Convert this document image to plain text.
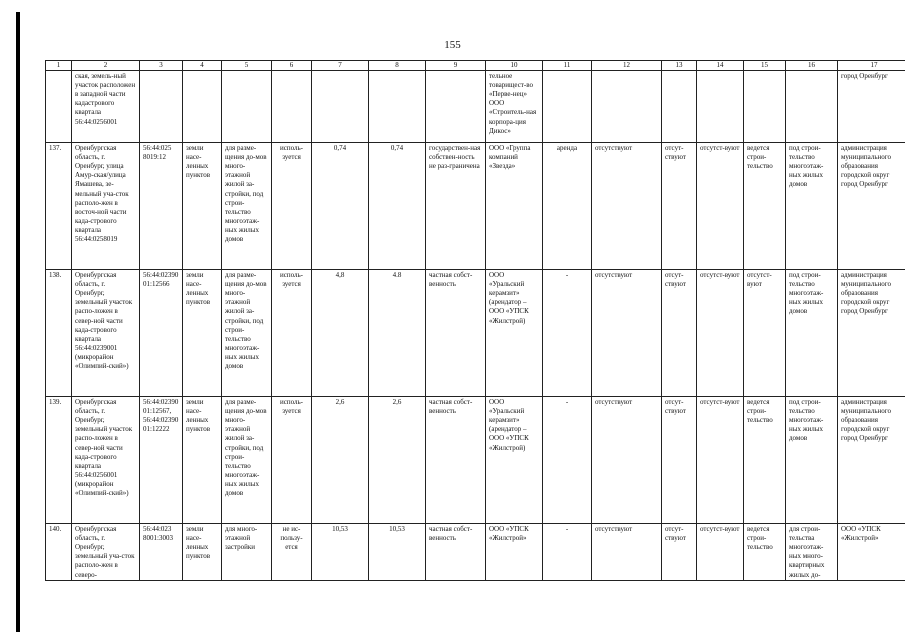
155
1	2	3	4	5	6	7	8	9	10	11	12	13	14	15	16	17
	ская, земель-ный участок расположен в западной части кадастрового квартала 56:44:0256001								тельное товарищест-во «Перве-нец» ООО «Строитель-ная корпора-ция Дикос»							город Оренбург
137.	Оренбургская область, г. Оренбург, улица Амур-ская/улица Ямашева, зе-мельный уча-сток располо-жен в восточ-ной части када-стрового квартала 56:44:0258019	56:44:025 8019:12	земли насе-ленных пунктов	для разме-щения до-мов много-этажной жилой за-стройки, под строи-тельство многоэтаж-ных жилых домов	исполь-зуется	0,74	0,74	государствен-ная собствен-ность не раз-граничена	ООО «Группа компаний «Звезда»	аренда	отсутствуют	отсут-ствуют	отсутст-вуют	ведется строи-тельство	под строи-тельство многоэтаж-ных жилых домов	администрация муниципального образования городской округ город Оренбург
138.	Оренбургская область, г. Оренбург, земельный участок распо-ложен в север-ной части када-стрового квартала 56:44:0239001 (микрорайон «Олимпий-ский»)	56:44:02390 01:12566	земли насе-ленных пунктов	для разме-щения до-мов много-этажной жилой за-стройки, под строи-тельство многоэтаж-ных жилых домов	исполь-зуется	4,8	4.8	частная собст-венность	ООО «Уральский керамзит» (арендатор – ООО «УПСК «Жилстрой)	-	отсутствуют	отсут-ствуют	отсутст-вуют	отсутст-вуют	под строи-тельство многоэтаж-ных жилых домов	администрация муниципального образования городской округ город Оренбург
139.	Оренбургская область, г. Оренбург, земельный участок распо-ложен в север-ной части када-стрового квартала 56:44:0256001 (микрорайон «Олимпий-ский»)	56:44:02390 01:12567, 56:44:02390 01:12222	земли насе-ленных пунктов	для разме-щения до-мов много-этажной жилой за-стройки, под строи-тельство многоэтаж-ных жилых домов	исполь-зуется	2,6	2,6	частная собст-венность	ООО «Уральский керамзит» (арендатор – ООО «УПСК «Жилстрой)	-	отсутствуют	отсут-ствуют	отсутст-вуют	ведется строи-тельство	под строи-тельство многоэтаж-ных жилых домов	администрация муниципального образования городской округ город Оренбург
140.	Оренбургская область, г. Оренбург, земельный уча-сток располо-жен в северо-	56:44:023 8001:3003	земли насе-ленных пунктов	для много-этажной застройки	не ис-пользу-ется	10,53	10,53	частная собст-венность	ООО «УПСК «Жилстрой»	-	отсутствуют	отсут-ствуют	отсутст-вуют	ведется строи-тельство	для строи-тельства многоэтаж-ных много-квартирных жилых до-	ООО «УПСК «Жилстрой»
